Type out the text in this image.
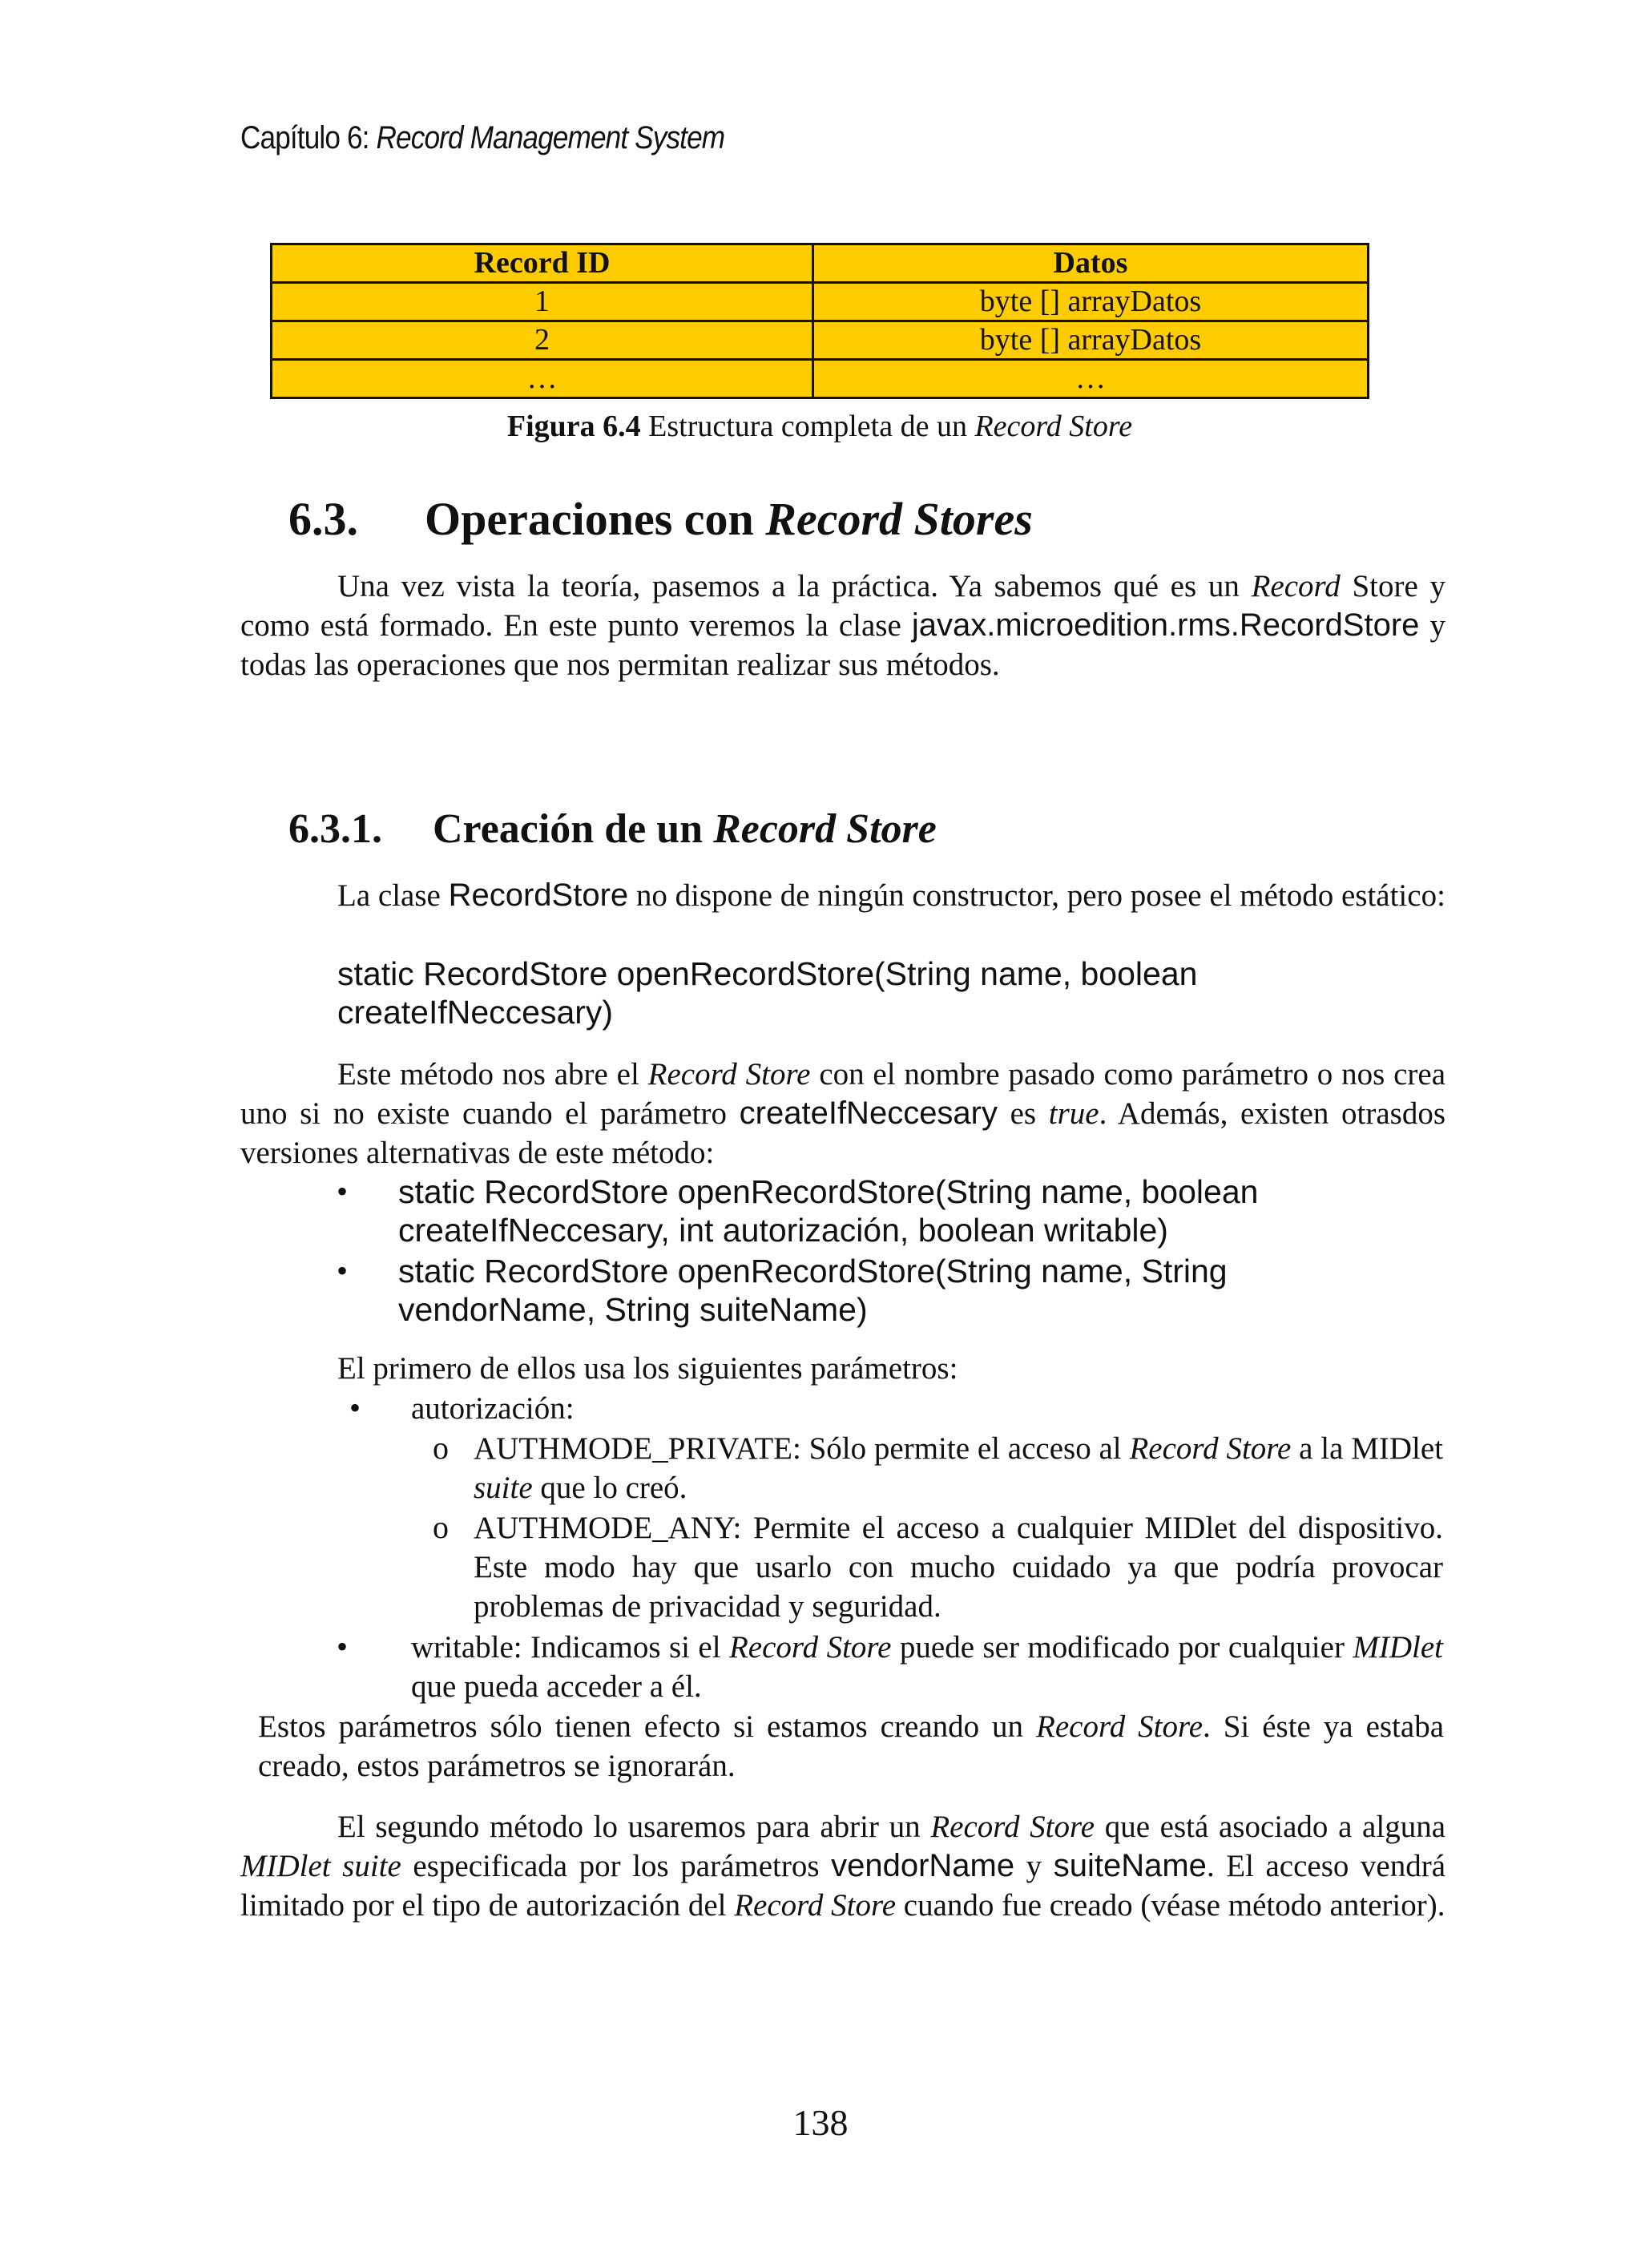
Capítulo 6: Record Management System
Record ID	Datos
1	byte [] arrayDatos
2	byte [] arrayDatos
…	…
Figura 6.4 Estructura completa de un Record Store
6.3. Operaciones con Record Stores
Una vez vista la teoría, pasemos a la práctica. Ya sabemos qué es un Record Store y como está formado. En este punto veremos la clase javax.microedition.rms.RecordStore y todas las operaciones que nos permitan realizar sus métodos.
6.3.1. Creación de un Record Store
La clase RecordStore no dispone de ningún constructor, pero posee el método estático:
static RecordStore openRecordStore(String name, boolean
createIfNeccesary)
Este método nos abre el Record Store con el nombre pasado como parámetro o nos crea uno si no existe cuando el parámetro createIfNeccesary es true. Además, existen otrasdos versiones alternativas de este método:
• static RecordStore openRecordStore(String name, boolean
createIfNeccesary, int autorización, boolean writable)
• static RecordStore openRecordStore(String name, String
vendorName, String suiteName)
El primero de ellos usa los siguientes parámetros:
• autorización:
o AUTHMODE_PRIVATE: Sólo permite el acceso al Record Store a la MIDlet suite que lo creó.
o AUTHMODE_ANY: Permite el acceso a cualquier MIDlet del dispositivo. Este modo hay que usarlo con mucho cuidado ya que podría provocar problemas de privacidad y seguridad.
• writable: Indicamos si el Record Store puede ser modificado por cualquier MIDlet que pueda acceder a él.
Estos parámetros sólo tienen efecto si estamos creando un Record Store. Si éste ya estaba creado, estos parámetros se ignorarán.
El segundo método lo usaremos para abrir un Record Store que está asociado a alguna MIDlet suite especificada por los parámetros vendorName y suiteName. El acceso vendrá limitado por el tipo de autorización del Record Store cuando fue creado (véase método anterior).
138
